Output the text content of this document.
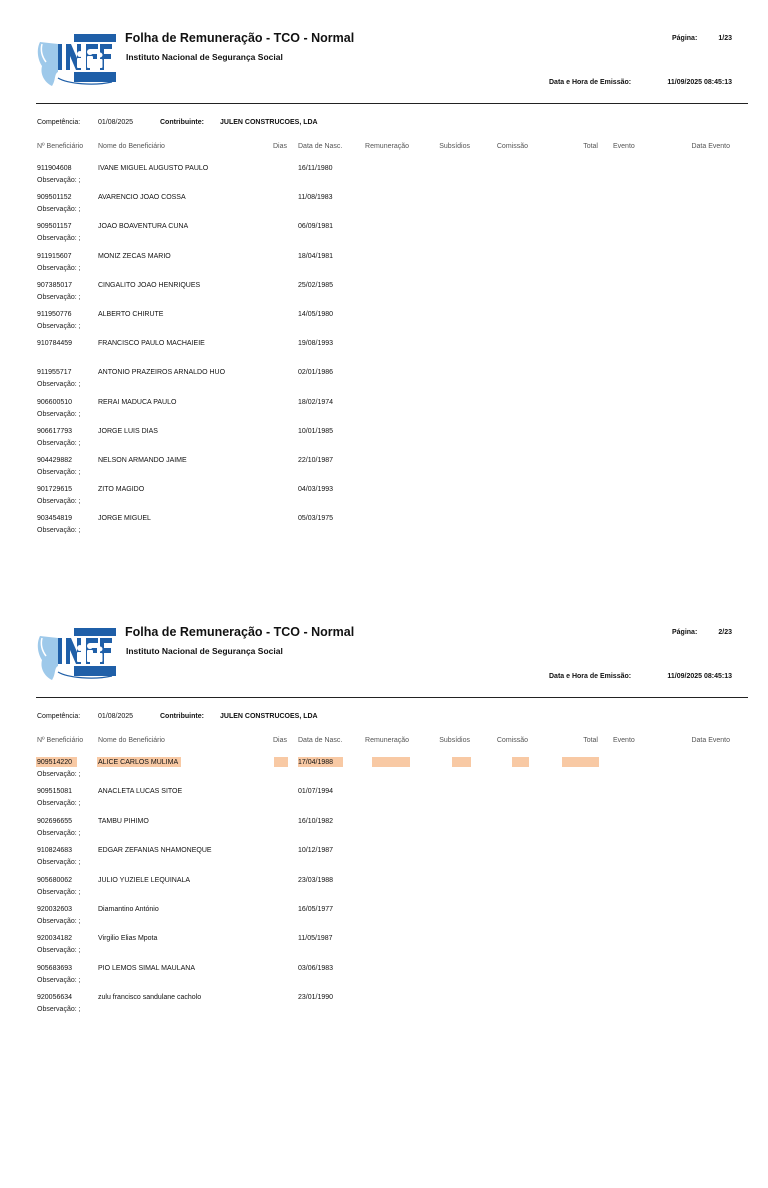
Folha de Remuneração - TCO - Normal
Instituto Nacional de Segurança Social
Página:	1/23
Data e Hora de Emissão:	11/09/2025 08:45:13
Competência:	01/08/2025	Contribuinte: JULEN CONSTRUCOES, LDA
Nº Beneficiário Nome do Beneficiário	Dias Data de Nasc.	Remuneração	Subsídios	Comissão	Total Evento	Data Evento
911904608	IVANE MIGUEL AUGUSTO PAULO	16/11/1980
Observação: ;
909501152	AVARENCIO JOAO COSSA	11/08/1983
Observação: ;
909501157	JOAO BOAVENTURA CUNA	06/09/1981
Observação: ;
911915607	MONIZ ZECAS MARIO	18/04/1981
Observação: ;
907385017	CINGALITO JOAO HENRIQUES	25/02/1985
Observação: ;
911950776	ALBERTO CHIRUTE	14/05/1980
Observação: ;
910784459	FRANCISCO PAULO MACHAIEIE	19/08/1993
911955717	ANTONIO PRAZEIROS ARNALDO HUO	02/01/1986
Observação: ;
906600510	RERAI MADUCA PAULO	18/02/1974
Observação: ;
906617793	JORGE LUIS DIAS	10/01/1985
Observação: ;
904429882	NELSON ARMANDO JAIME	22/10/1987
Observação: ;
901729615	ZITO MAGIDO	04/03/1993
Observação: ;
903454819	JORGE MIGUEL	05/03/1975
Observação: ;
Folha de Remuneração - TCO - Normal
Instituto Nacional de Segurança Social
Página:	2/23
Data e Hora de Emissão:	11/09/2025 08:45:13
Competência:	01/08/2025	Contribuinte: JULEN CONSTRUCOES, LDA
Nº Beneficiário Nome do Beneficiário	Dias Data de Nasc.	Remuneração	Subsídios	Comissão	Total Evento	Data Evento
909514220	ALICE CARLOS MULIMA	17/04/1988
Observação: ;
909515081	ANACLETA LUCAS SITOE	01/07/1994
Observação: ;
902696655	TAMBU PIHIMO	16/10/1982
Observação: ;
910824683	EDGAR ZEFANIAS NHAMONEQUE	10/12/1987
Observação: ;
905680062	JULIO YUZIELE LEQUINALA	23/03/1988
Observação: ;
920032603	Diamantino António	16/05/1977
Observação: ;
920034182	Virgilio Elias Mpota	11/05/1987
Observação: ;
905683693	PIO LEMOS SIMAL MAULANA	03/06/1983
Observação: ;
920056634	zulu francisco sandulane cacholo	23/01/1990
Observação: ;
